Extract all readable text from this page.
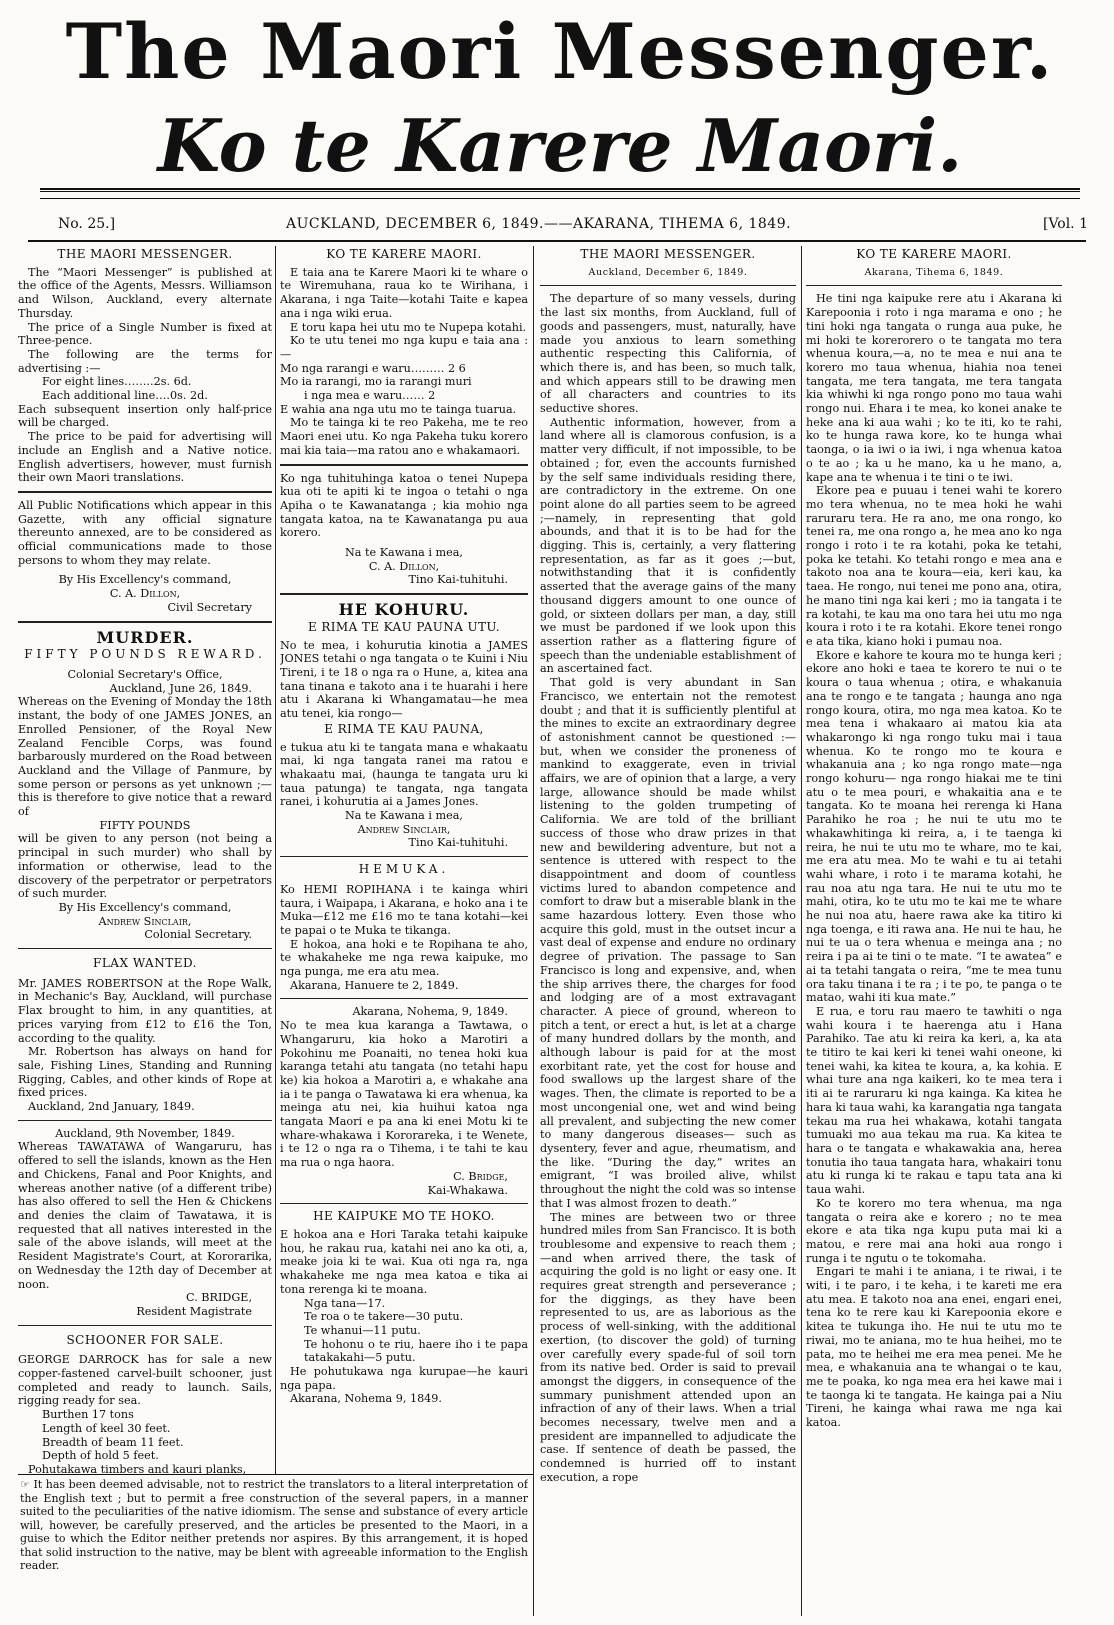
The Maori Messenger.
Ko te Karere Maori.
No. 25.]	AUCKLAND, DECEMBER 6, 1849.——AKARANA, TIHEMA 6, 1849.	[Vol. 1
THE MAORI MESSENGER.

The “Maori Messenger” is published at the office of the Agents, Messrs. Williamson and Wilson, Auckland, every alternate Thursday.

The price of a Single Number is fixed at Three-pence.

The following are the terms for advertising :—

For eight lines……..2s. 6d.

Each additional line….0s. 2d.

Each subsequent insertion only half-price will be charged.

The price to be paid for advertising will include an English and a Native notice. English advertisers, however, must furnish their own Maori translations.

All Public Notifications which appear in this Gazette, with any official signature thereunto annexed, are to be considered as official communications made to those persons to whom they may relate.

By His Excellency's command,

C. A. Dillon,

Civil Secretary

MURDER.
FIFTY POUNDS REWARD.

Colonial Secretary's Office,

Auckland, June 26, 1849.

Whereas on the Evening of Monday the 18th instant, the body of one JAMES JONES, an Enrolled Pensioner, of the Royal New Zealand Fencible Corps, was found barbarously murdered on the Road between Auckland and the Village of Panmure, by some person or persons as yet unknown ;— this is therefore to give notice that a reward of

FIFTY POUNDS

will be given to any person (not being a principal in such murder) who shall by information or otherwise, lead to the discovery of the perpetrator or perpetrators of such murder.

By His Excellency's command,

Andrew Sinclair,

Colonial Secretary.

FLAX WANTED.

Mr. JAMES ROBERTSON at the Rope Walk, in Mechanic's Bay, Auckland, will purchase Flax brought to him, in any quantities, at prices varying from £12 to £16 the Ton, according to the quality.

Mr. Robertson has always on hand for sale, Fishing Lines, Standing and Running Rigging, Cables, and other kinds of Rope at fixed prices.

Auckland, 2nd January, 1849.

Auckland, 9th November, 1849.

Whereas TAWATAWA of Wangaruru, has offered to sell the islands, known as the Hen and Chickens, Fanal and Poor Knights, and whereas another native (of a different tribe) has also offered to sell the Hen & Chickens and denies the claim of Tawatawa, it is requested that all natives interested in the sale of the above islands, will meet at the Resident Magistrate's Court, at Kororarika, on Wednesday the 12th day of December at noon.

C. BRIDGE,

Resident Magistrate

SCHOONER FOR SALE.

GEORGE DARROCK has for sale a new copper-fastened carvel-built schooner, just completed and ready to launch. Sails, rigging ready for sea.

Burthen 17 tons

Length of keel 30 feet.

Breadth of beam 11 feet.

Depth of hold 5 feet.

Pohutakawa timbers and kauri planks,

KO TE KARERE MAORI.

E taia ana te Karere Maori ki te whare o te Wiremuhana, raua ko te Wirihana, i Akarana, i nga Taite—kotahi Taite e kapea ana i nga wiki erua.

E toru kapa hei utu mo te Nupepa kotahi.

Ko te utu tenei mo nga kupu e taia ana :—

Mo nga rarangi e waru……… 2 6

Mo ia rarangi, mo ia rarangi muri

i nga mea e waru…… 2

E wahia ana nga utu mo te tainga tuarua.

Mo te tainga ki te reo Pakeha, me te reo Maori enei utu. Ko nga Pakeha tuku korero mai kia taia—ma ratou ano e whakamaori.

Ko nga tuhituhinga katoa o tenei Nupepa kua oti te apiti ki te ingoa o tetahi o nga Apiha o te Kawanatanga ; kia mohio nga tangata katoa, na te Kawanatanga pu aua korero.

Na te Kawana i mea,

C. A. Dillon,

Tino Kai-tuhituhi.

HE KOHURU.
E RIMA TE KAU PAUNA UTU.

No te mea, i kohurutia kinotia a JAMES JONES tetahi o nga tangata o te Kuini i Niu Tireni, i te 18 o nga ra o Hune, a, kitea ana tana tinana e takoto ana i te huarahi i here atu i Akarana ki Whangamatau—he mea atu tenei, kia rongo—

E RIMA TE KAU PAUNA,

e tukua atu ki te tangata mana e whakaatu mai, ki nga tangata ranei ma ratou e whakaatu mai, (haunga te tangata uru ki taua patunga) te tangata, nga tangata ranei, i kohurutia ai a James Jones.

Na te Kawana i mea,

Andrew Sinclair,

Tino Kai-tuhituhi.

HEMUKA.

Ko HEMI ROPIHANA i te kainga whiri taura, i Waipapa, i Akarana, e hoko ana i te Muka—£12 me £16 mo te tana kotahi—kei te papai o te Muka te tikanga.

E hokoa, ana hoki e te Ropihana te aho, te whakaheke me nga rewa kaipuke, mo nga punga, me era atu mea.

Akarana, Hanuere te 2, 1849.

Akarana, Nohema, 9, 1849.

No te mea kua karanga a Tawtawa, o Whangaruru, kia hoko a Marotiri a Pokohinu me Poanaiti, no tenea hoki kua karanga tetahi atu tangata (no tetahi hapu ke) kia hokoa a Marotiri a, e whakahe ana ia i te panga o Tawatawa ki era whenua, ka meinga atu nei, kia huihui katoa nga tangata Maori e pa ana ki enei Motu ki te whare-whakawa i Kororareka, i te Wenete, i te 12 o nga ra o Tihema, i te tahi te kau ma rua o nga haora.

C. Bridge,

Kai-Whakawa.

HE KAIPUKE MO TE HOKO.

E hokoa ana e Hori Taraka tetahi kaipuke hou, he rakau rua, katahi nei ano ka oti, a, meake joia ki te wai. Kua oti nga ra, nga whakaheke me nga mea katoa e tika ai tona rerenga ki te moana.

Nga tana—17.

Te roa o te takere—30 putu.

Te whanui—11 putu.

Te hohonu o te riu, haere iho i te papa tatakakahi—5 putu.

He pohutukawa nga kurupae—he kauri nga papa.

Akarana, Nohema 9, 1849.

THE MAORI MESSENGER.
Auckland, December 6, 1849.

The departure of so many vessels, during the last six months, from Auckland, full of goods and passengers, must, naturally, have made you anxious to learn something authentic respecting this California, of which there is, and has been, so much talk, and which appears still to be drawing men of all characters and countries to its seductive shores.

Authentic information, however, from a land where all is clamorous confusion, is a matter very difficult, if not impossible, to be obtained ; for, even the accounts furnished by the self same individuals residing there, are contradictory in the extreme. On one point alone do all parties seem to be agreed ;—namely, in representing that gold abounds, and that it is to be had for the digging. This is, certainly, a very flattering representation, as far as it goes ;—but, notwithstanding that it is confidently asserted that the average gains of the many thousand diggers amount to one ounce of gold, or sixteen dollars per man, a day, still we must be pardoned if we look upon this assertion rather as a flattering figure of speech than the undeniable establishment of an ascertained fact.

That gold is very abundant in San Francisco, we entertain not the remotest doubt ; and that it is sufficiently plentiful at the mines to excite an extraordinary degree of astonishment cannot be questioned :— but, when we consider the proneness of mankind to exaggerate, even in trivial affairs, we are of opinion that a large, a very large, allowance should be made whilst listening to the golden trumpeting of California. We are told of the brilliant success of those who draw prizes in that new and bewildering adventure, but not a sentence is uttered with respect to the disappointment and doom of countless victims lured to abandon competence and comfort to draw but a miserable blank in the same hazardous lottery. Even those who acquire this gold, must in the outset incur a vast deal of expense and endure no ordinary degree of privation. The passage to San Francisco is long and expensive, and, when the ship arrives there, the charges for food and lodging are of a most extravagant character. A piece of ground, whereon to pitch a tent, or erect a hut, is let at a charge of many hundred dollars by the month, and although labour is paid for at the most exorbitant rate, yet the cost for house and food swallows up the largest share of the wages. Then, the climate is reported to be a most uncongenial one, wet and wind being all prevalent, and subjecting the new comer to many dangerous diseases— such as dysentery, fever and ague, rheumatism, and the like. “During the day,” writes an emigrant, “I was broiled alive, whilst throughout the night the cold was so intense that I was almost frozen to death.”

The mines are between two or three hundred miles from San Francisco. It is both troublesome and expensive to reach them ;—and when arrived there, the task of acquiring the gold is no light or easy one. It requires great strength and perseverance ; for the diggings, as they have been represented to us, are as laborious as the process of well-sinking, with the additional exertion, (to discover the gold) of turning over carefully every spade-ful of soil torn from its native bed. Order is said to prevail amongst the diggers, in consequence of the summary punishment attended upon an infraction of any of their laws. When a trial becomes necessary, twelve men and a president are impannelled to adjudicate the case. If sentence of death be passed, the condemned is hurried off to instant execution, a rope

KO TE KARERE MAORI.
Akarana, Tihema 6, 1849.

He tini nga kaipuke rere atu i Akarana ki Karepoonia i roto i nga marama e ono ; he tini hoki nga tangata o runga aua puke, he mi hoki te korerorero o te tangata mo tera whenua koura,—a, no te mea e nui ana te korero mo taua whenua, hiahia noa tenei tangata, me tera tangata, me tera tangata kia whiwhi ki nga rongo pono mo taua wahi rongo nui. Ehara i te mea, ko konei anake te heke ana ki aua wahi ; ko te iti, ko te rahi, ko te hunga rawa kore, ko te hunga whai taonga, o ia iwi o ia iwi, i nga whenua katoa o te ao ; ka u he mano, ka u he mano, a, kape ana te whenua i te tini o te iwi.

Ekore pea e puuau i tenei wahi te korero mo tera whenua, no te mea hoki he wahi raruraru tera. He ra ano, me ona rongo, ko tenei ra, me ona rongo a, he mea ano ko nga rongo i roto i te ra kotahi, poka ke tetahi, poka ke tetahi. Ko tetahi rongo e mea ana e takoto noa ana te koura—eia, keri kau, ka taea. He rongo, nui tenei me pono ana, otira, he mano tini nga kai keri ; mo ia tangata i te ra kotahi, te kau ma ono tara hei utu mo nga koura i roto i te ra kotahi. Ekore tenei rongo e ata tika, kiano hoki i pumau noa.

Ekore e kahore te koura mo te hunga keri ; ekore ano hoki e taea te korero te nui o te koura o taua whenua ; otira, e whakanuia ana te rongo e te tangata ; haunga ano nga rongo koura, otira, mo nga mea katoa. Ko te mea tena i whakaaro ai matou kia ata whakarongo ki nga rongo tuku mai i taua whenua. Ko te rongo mo te koura e whakanuia ana ; ko nga rongo mate—nga rongo kohuru— nga rongo hiakai me te tini atu o te mea pouri, e whakaitia ana e te tangata. Ko te moana hei rerenga ki Hana Parahiko he roa ; he nui te utu mo te whakawhitinga ki reira, a, i te taenga ki reira, he nui te utu mo te whare, mo te kai, me era atu mea. Mo te wahi e tu ai tetahi wahi whare, i roto i te marama kotahi, he rau noa atu nga tara. He nui te utu mo te mahi, otira, ko te utu mo te kai me te whare he nui noa atu, haere rawa ake ka titiro ki nga toenga, e iti rawa ana. He nui te hau, he nui te ua o tera whenua e meinga ana ; no reira i pa ai te tini o te mate. “I te awatea” e ai ta tetahi tangata o reira, “me te mea tunu ora taku tinana i te ra ; i te po, te panga o te matao, wahi iti kua mate.”

E rua, e toru rau maero te tawhiti o nga wahi koura i te haerenga atu i Hana Parahiko. Tae atu ki reira ka keri, a, ka ata te titiro te kai keri ki tenei wahi oneone, ki tenei wahi, ka kitea te koura, a, ka kohia. E whai ture ana nga kaikeri, ko te mea tera i iti ai te raruraru ki nga kainga. Ka kitea he hara ki taua wahi, ka karangatia nga tangata tekau ma rua hei whakawa, kotahi tangata tumuaki mo aua tekau ma rua. Ka kitea te hara o te tangata e whakawakia ana, herea tonutia iho taua tangata hara, whakairi tonu atu ki runga ki te rakau e tapu tata ana ki taua wahi.

Ko te korero mo tera whenua, ma nga tangata o reira ake e korero ; no te mea ekore e ata tika nga kupu puta mai ki a matou, e rere mai ana hoki aua rongo i runga i te ngutu o te tokomaha.

Engari te mahi i te aniana, i te riwai, i te witi, i te paro, i te keha, i te kareti me era atu mea. E takoto noa ana enei, engari enei, tena ko te rere kau ki Karepoonia ekore e kitea te tukunga iho. He nui te utu mo te riwai, mo te aniana, mo te hua heihei, mo te pata, mo te heihei me era mea penei. Me he mea, e whakanuia ana te whangai o te kau, me te poaka, ko nga mea era hei kawe mai i te taonga ki te tangata. He kainga pai a Niu Tireni, he kainga whai rawa me nga kai katoa.

☞ It has been deemed advisable, not to restrict the translators to a literal interpretation of the English text ; but to permit a free construction of the several papers, in a manner suited to the peculiarities of the native idiomism. The sense and substance of every article will, however, be carefully preserved, and the articles be presented to the Maori, in a guise to which the Editor neither pretends nor aspires. By this arrangement, it is hoped that solid instruction to the native, may be blent with agreeable information to the English reader.
